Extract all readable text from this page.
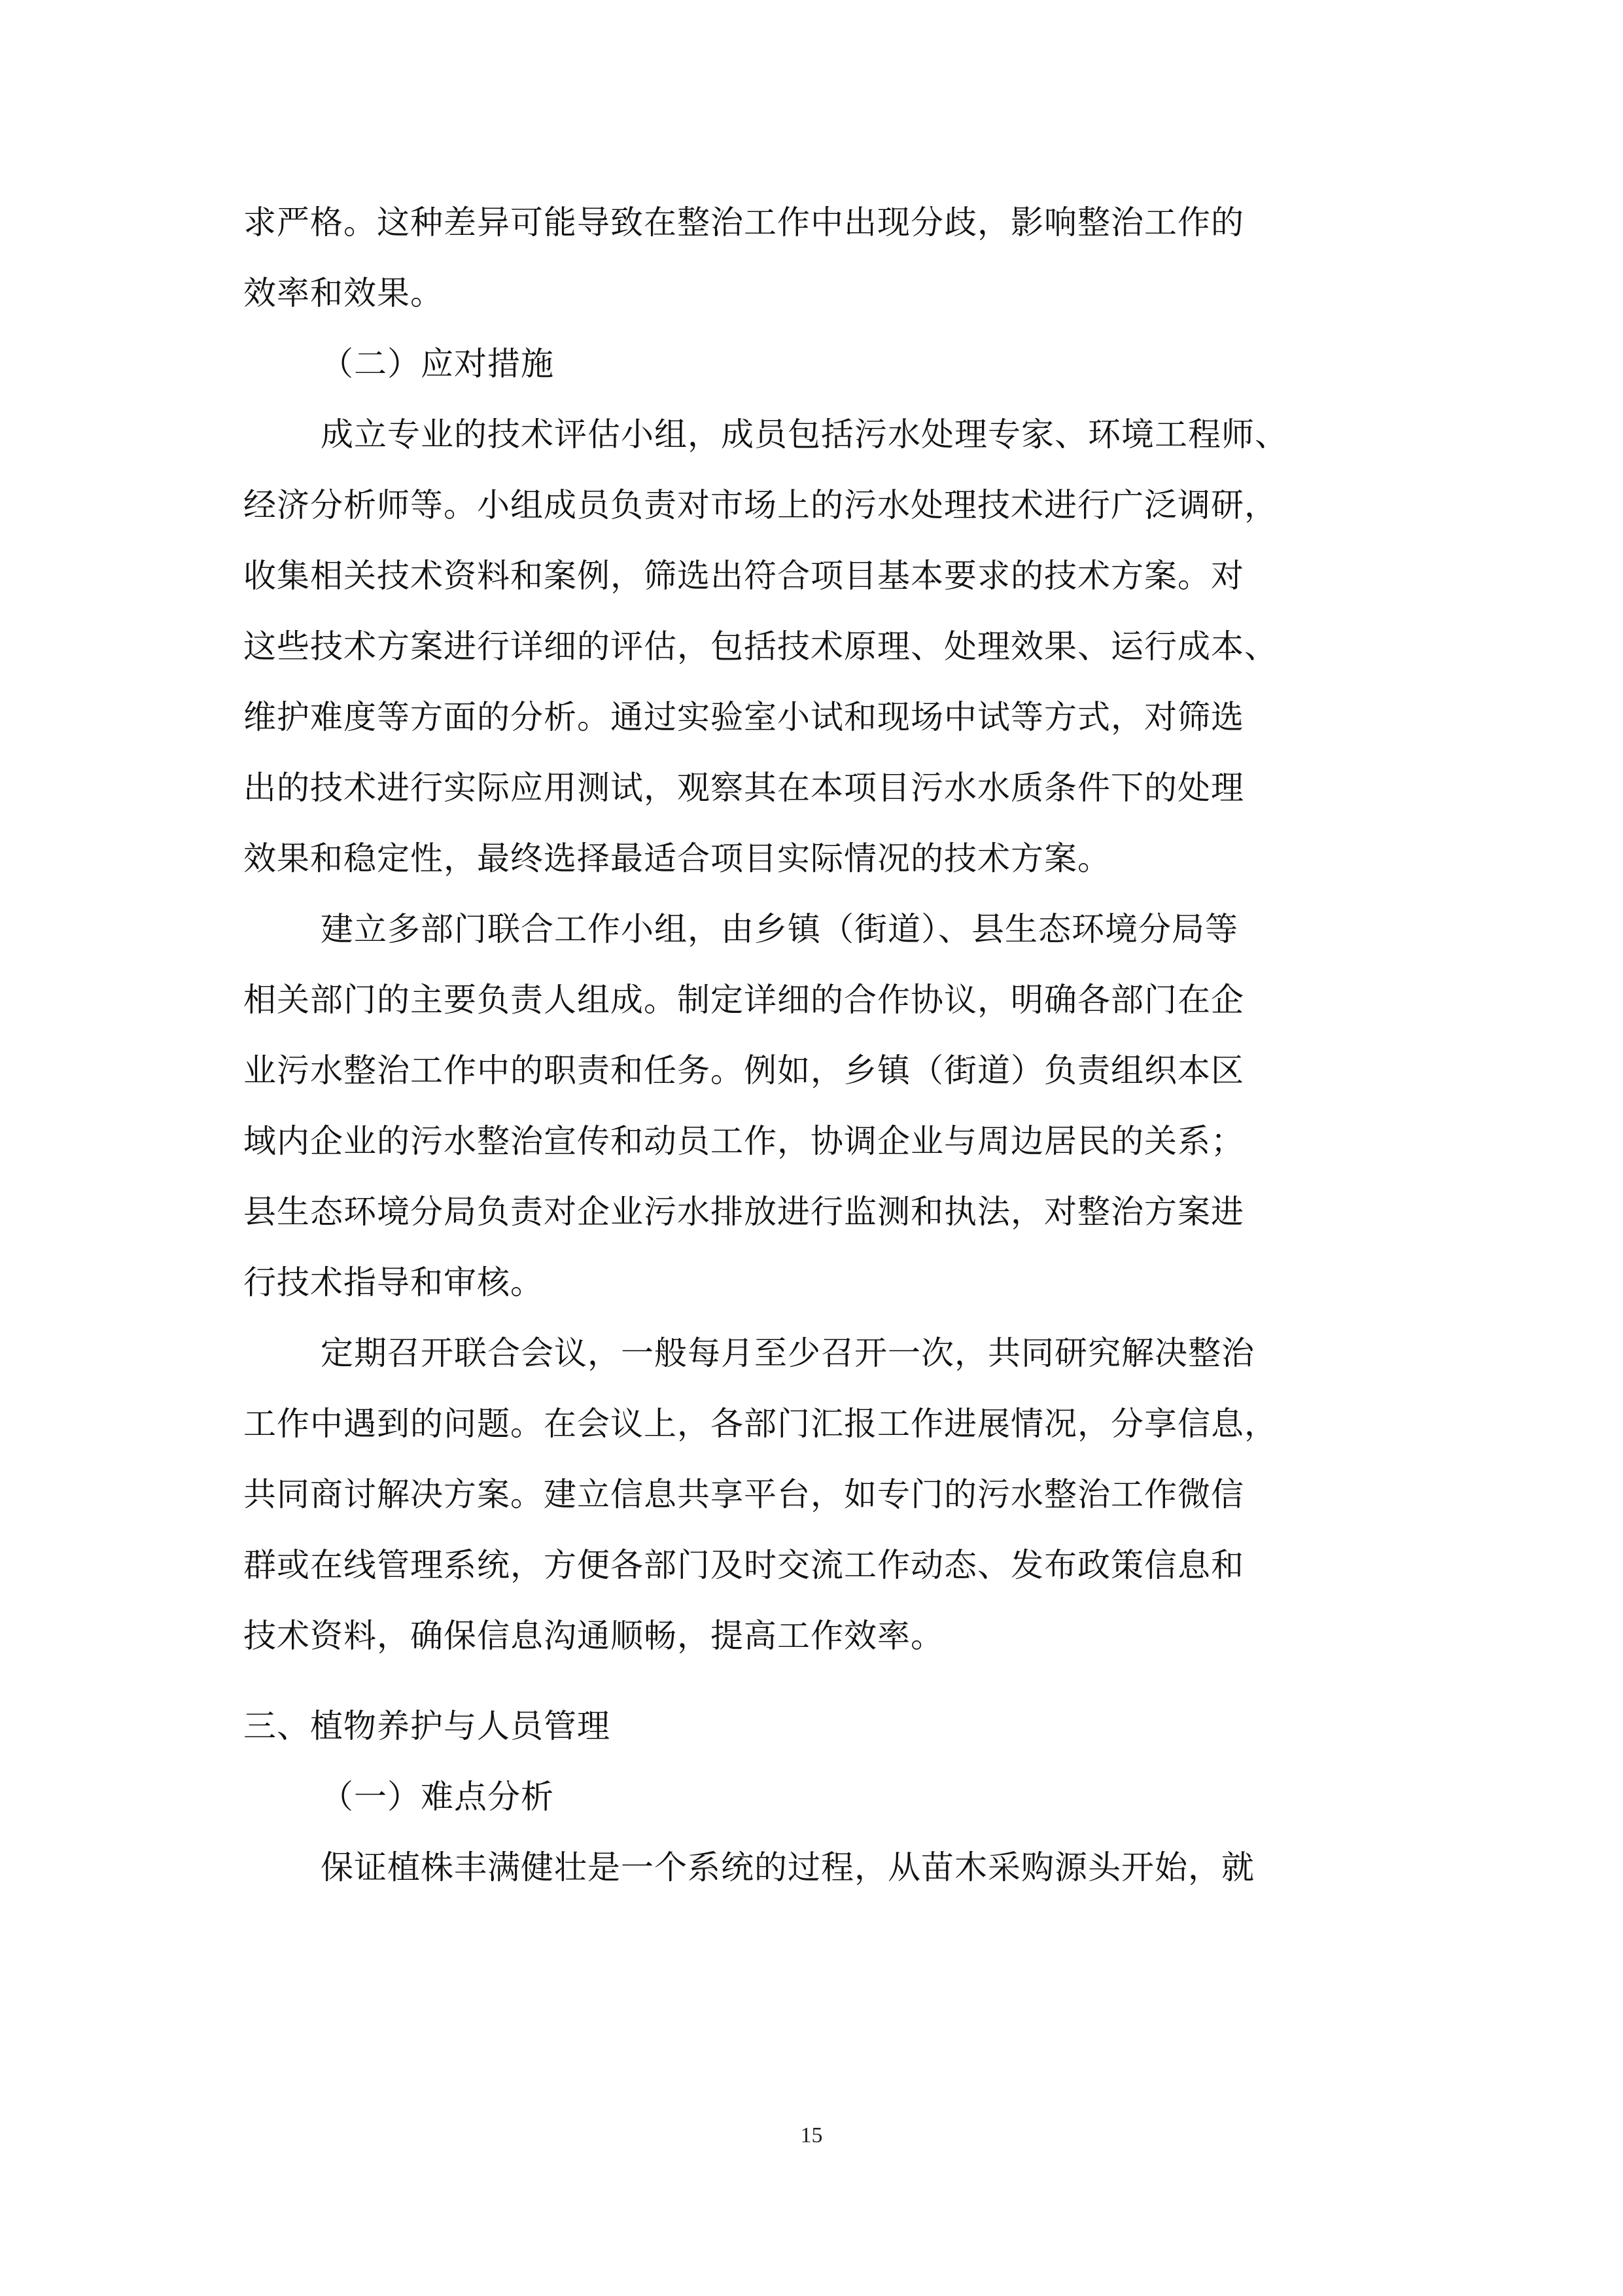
求严格。这种差异可能导致在整治工作中出现分歧，影响整治工作的
效率和效果。
（二）应对措施
成立专业的技术评估小组，成员包括污水处理专家、环境工程师、
经济分析师等。小组成员负责对市场上的污水处理技术进行广泛调研，
收集相关技术资料和案例，筛选出符合项目基本要求的技术方案。对
这些技术方案进行详细的评估，包括技术原理、处理效果、运行成本、
维护难度等方面的分析。通过实验室小试和现场中试等方式，对筛选
出的技术进行实际应用测试，观察其在本项目污水水质条件下的处理
效果和稳定性，最终选择最适合项目实际情况的技术方案。
建立多部门联合工作小组，由乡镇（街道）、县生态环境分局等
相关部门的主要负责人组成。制定详细的合作协议，明确各部门在企
业污水整治工作中的职责和任务。例如，乡镇（街道）负责组织本区
域内企业的污水整治宣传和动员工作，协调企业与周边居民的关系；
县生态环境分局负责对企业污水排放进行监测和执法，对整治方案进
行技术指导和审核。
定期召开联合会议，一般每月至少召开一次，共同研究解决整治
工作中遇到的问题。在会议上，各部门汇报工作进展情况，分享信息，
共同商讨解决方案。建立信息共享平台，如专门的污水整治工作微信
群或在线管理系统，方便各部门及时交流工作动态、发布政策信息和
技术资料，确保信息沟通顺畅，提高工作效率。
三、植物养护与人员管理
（一）难点分析
保证植株丰满健壮是一个系统的过程，从苗木采购源头开始，就
15
